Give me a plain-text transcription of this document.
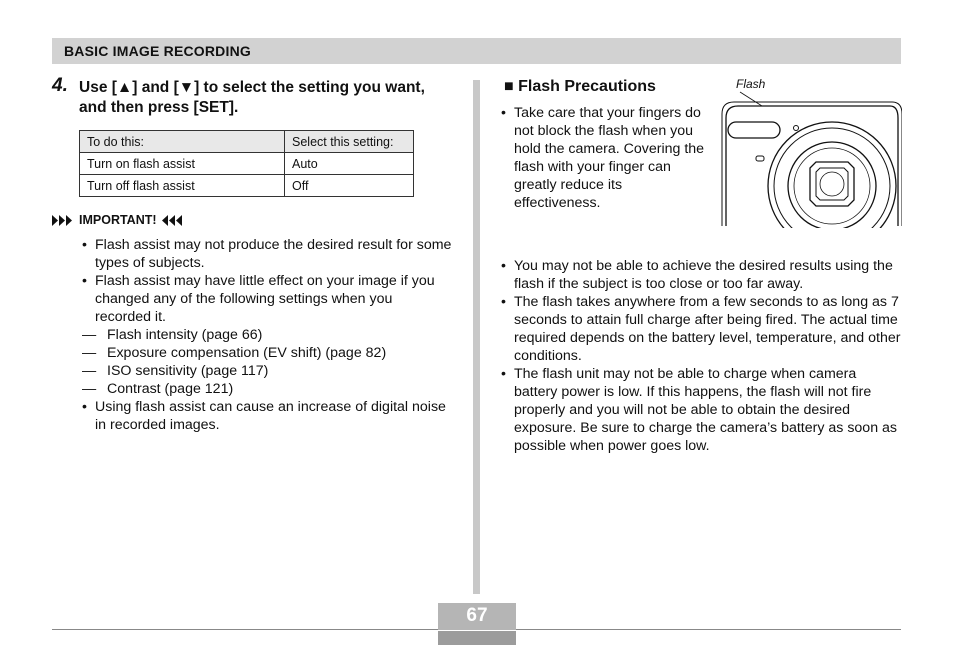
BASIC IMAGE RECORDING
4. Use [▲] and [▼] to select the setting you want, and then press [SET].
To do this:	Select this setting:
Turn on flash assist	Auto
Turn off flash assist	Off
IMPORTANT!
• Flash assist may not produce the desired result for some types of subjects.
• Flash assist may have little effect on your image if you changed any of the following settings when you recorded it.
— Flash intensity (page 66)
— Exposure compensation (EV shift) (page 82)
— ISO sensitivity (page 117)
— Contrast (page 121)
• Using flash assist can cause an increase of digital noise in recorded images.
■ Flash Precautions	Flash
• Take care that your fingers do not block the flash when you hold the camera. Covering the flash with your finger can greatly reduce its effectiveness.
• You may not be able to achieve the desired results using the flash if the subject is too close or too far away.
• The flash takes anywhere from a few seconds to as long as 7 seconds to attain full charge after being fired. The actual time required depends on the battery level, temperature, and other conditions.
• The flash unit may not be able to charge when camera battery power is low. If this happens, the flash will not fire properly and you will not be able to obtain the desired exposure. Be sure to charge the camera’s battery as soon as possible when power goes low.
67
